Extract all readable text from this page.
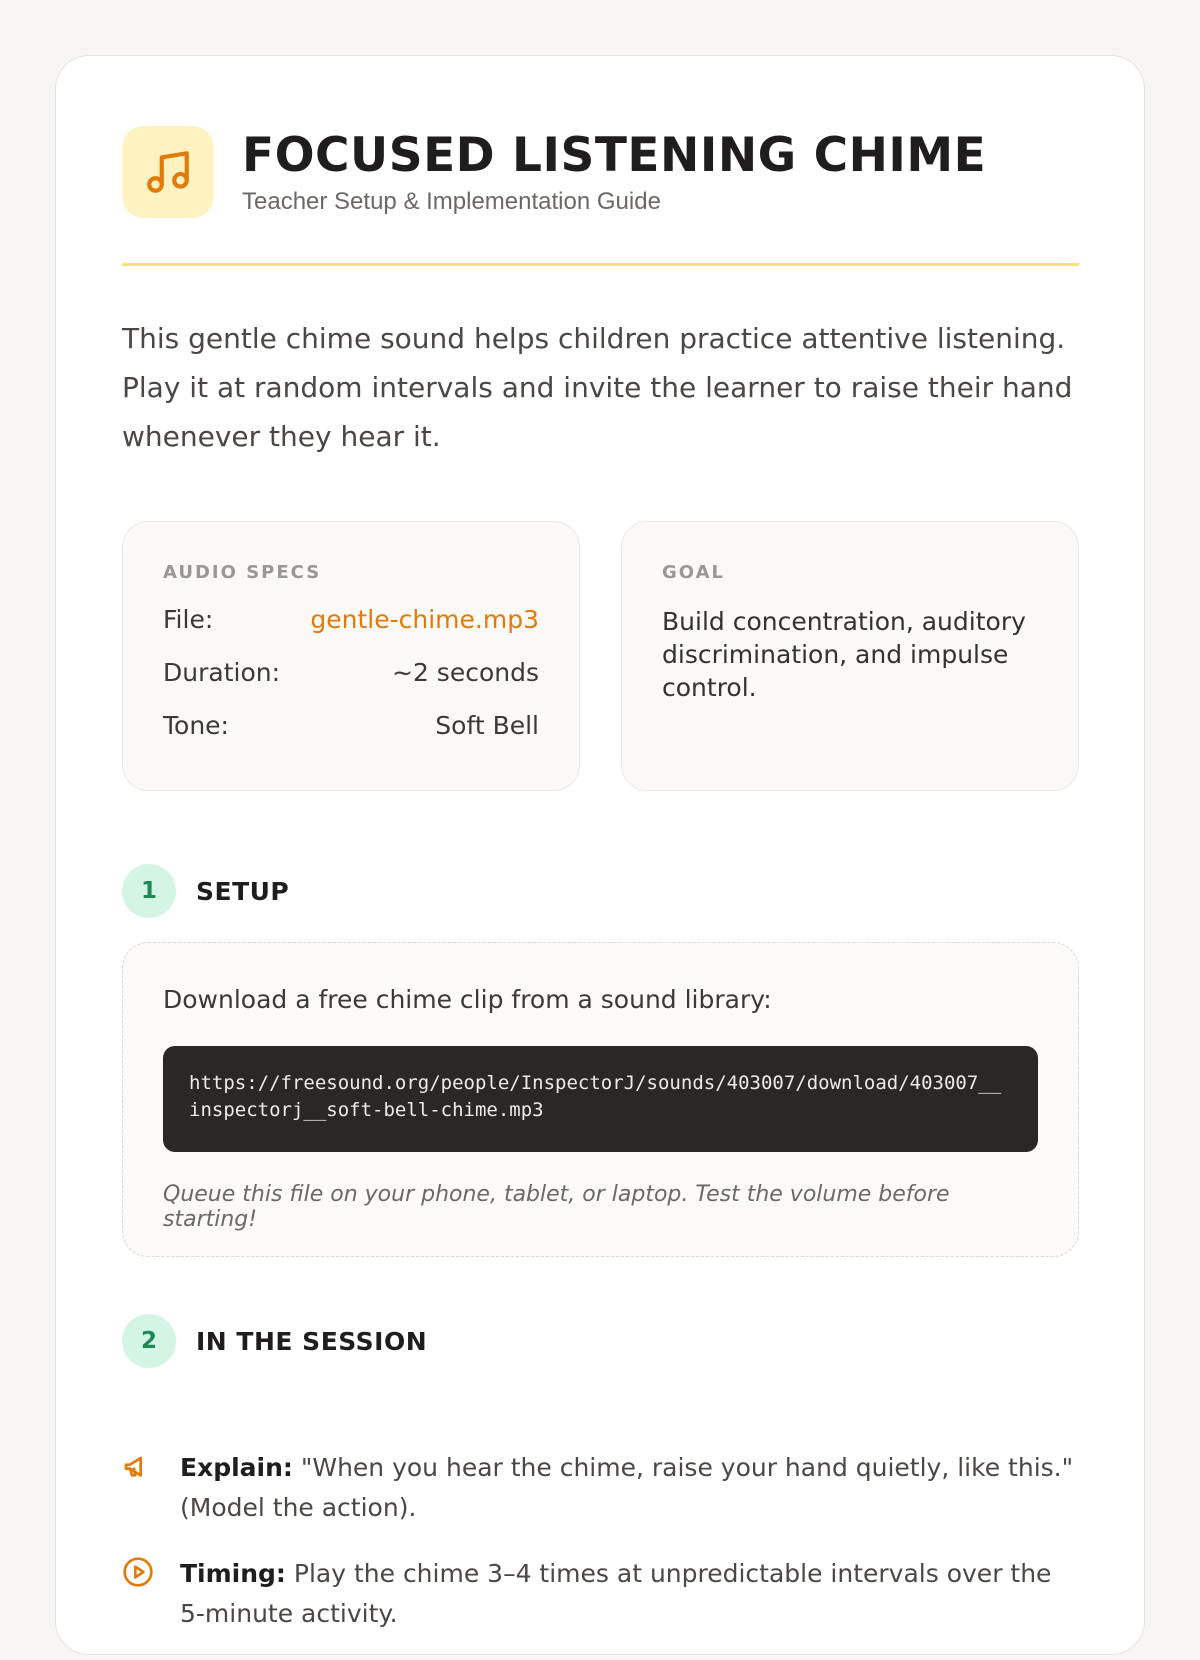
FOCUSED LISTENING CHIME
Teacher Setup & Implementation Guide

This gentle chime sound helps children practice attentive listening. Play it at random intervals and invite the learner to raise their hand whenever they hear it.

AUDIO SPECS
File:	gentle-chime.mp3
Duration:	~2 seconds
Tone:	Soft Bell
GOAL
Build concentration, auditory discrimination, and impulse control.
1	SETUP
Download a free chime clip from a sound library:
https://freesound.org/people/InspectorJ/sounds/403007/download/403007__inspectorj__soft-bell-chime.mp3
Queue this file on your phone, tablet, or laptop. Test the volume before starting!
2	IN THE SESSION
Explain: "When you hear the chime, raise your hand quietly, like this." (Model the action).
Timing: Play the chime 3–4 times at unpredictable intervals over the 5-minute activity.
